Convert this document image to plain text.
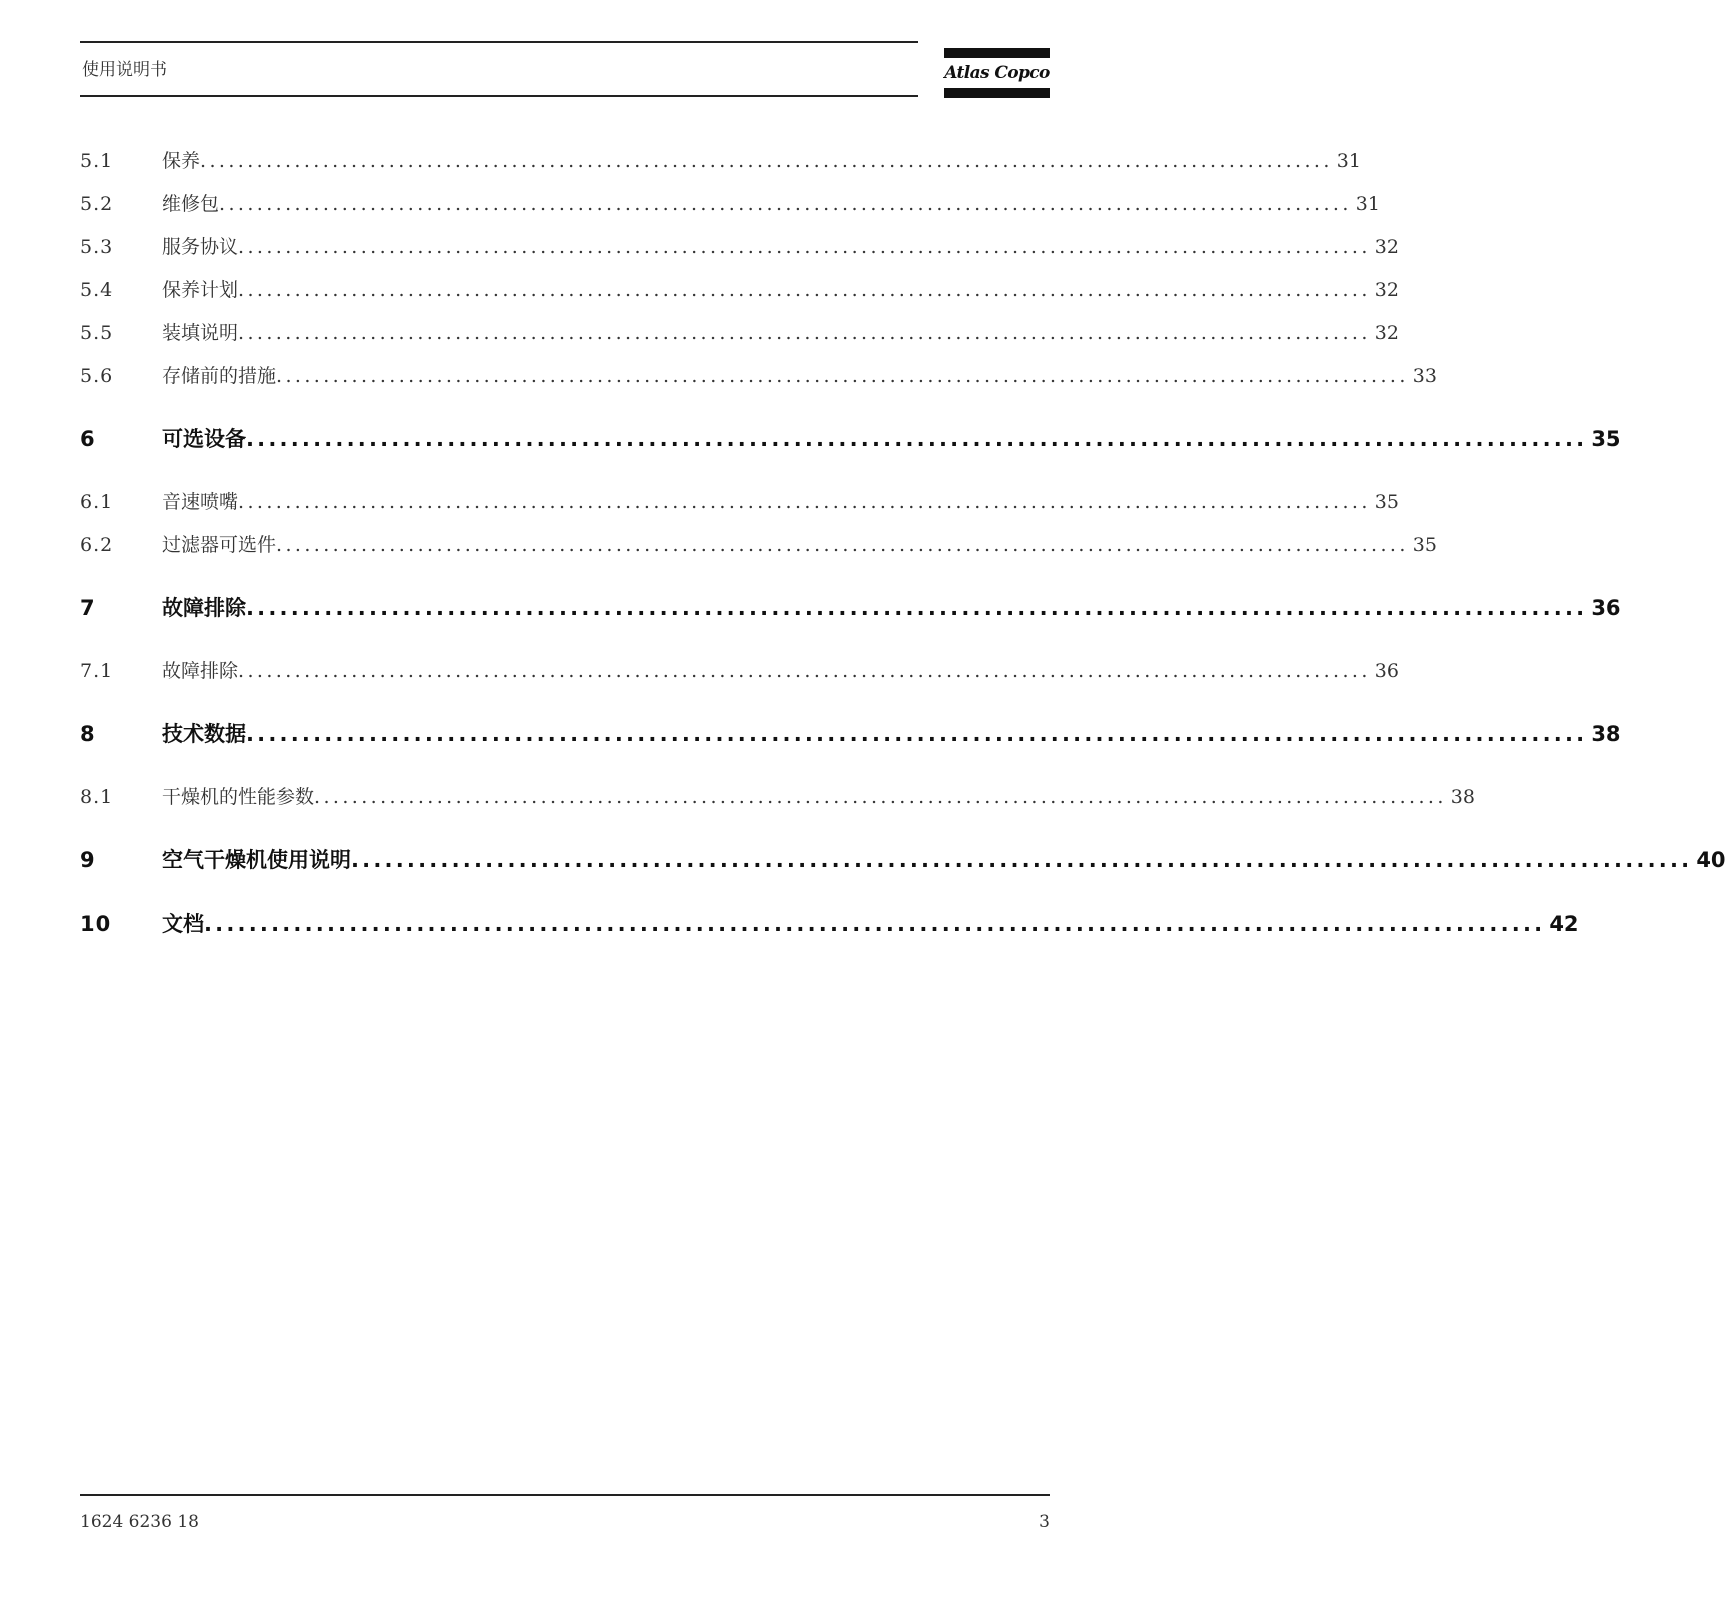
使用说明书	Atlas Copco
5.1	保养 ........................................................................................................................ 31
5.2	维修包 ........................................................................................................................ 31
5.3	服务协议 ........................................................................................................................ 32
5.4	保养计划 ........................................................................................................................ 32
5.5	装填说明 ........................................................................................................................ 32
5.6	存储前的措施 ........................................................................................................................ 33
6	可选设备 ........................................................................................................................ 35
6.1	音速喷嘴 ........................................................................................................................ 35
6.2	过滤器可选件 ........................................................................................................................ 35
7	故障排除 ........................................................................................................................ 36
7.1	故障排除 ........................................................................................................................ 36
8	技术数据 ........................................................................................................................ 38
8.1	干燥机的性能参数 ........................................................................................................................ 38
9	空气干燥机使用说明 ........................................................................................................................ 40
10	文档 ........................................................................................................................ 42
1624 6236 18	3
